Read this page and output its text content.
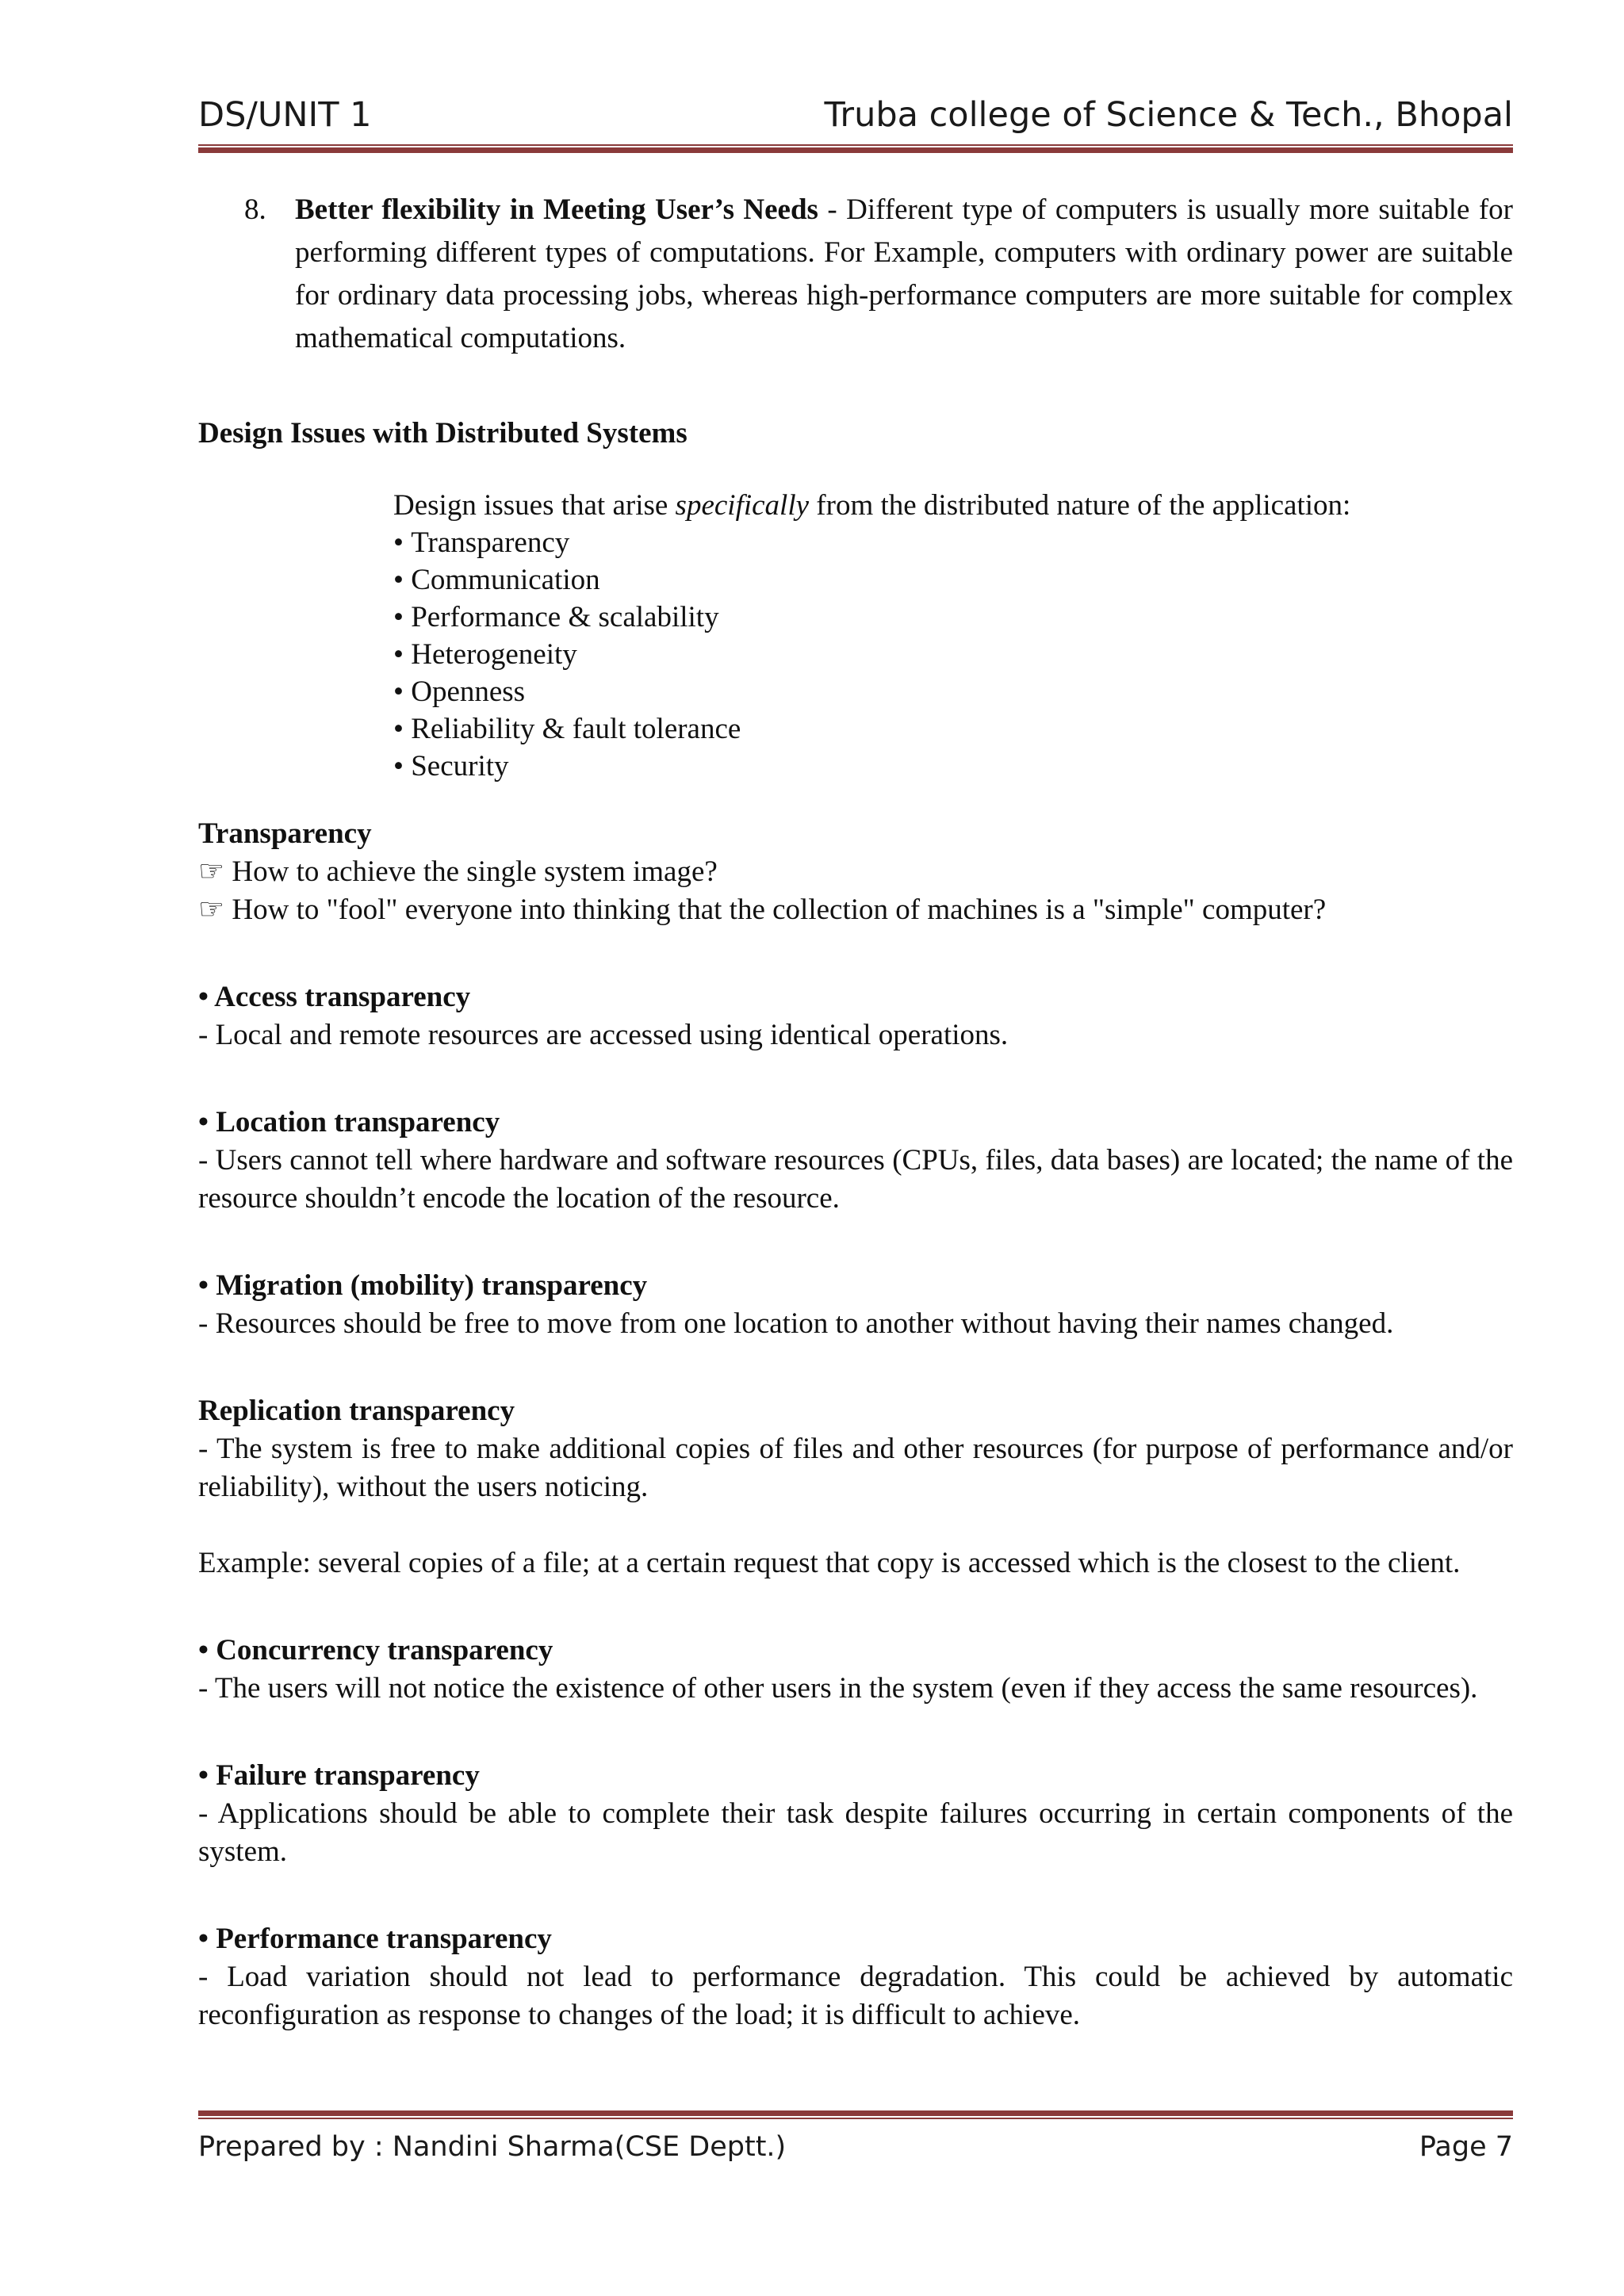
DS/UNIT 1	Truba college of Science & Tech., Bhopal
8. Better flexibility in Meeting User’s Needs - Different type of computers is usually more suitable for performing different types of computations. For Example, computers with ordinary power are suitable for ordinary data processing jobs, whereas high-performance computers are more suitable for complex mathematical computations.
Design Issues with Distributed Systems
Design issues that arise specifically from the distributed nature of the application:
• Transparency
• Communication
• Performance & scalability
• Heterogeneity
• Openness
• Reliability & fault tolerance
• Security
Transparency
☞ How to achieve the single system image?
☞ How to "fool" everyone into thinking that the collection of machines is a "simple" computer?
• Access transparency
- Local and remote resources are accessed using identical operations.
• Location transparency
- Users cannot tell where hardware and software resources (CPUs, files, data bases) are located; the name of the resource shouldn’t encode the location of the resource.
• Migration (mobility) transparency
- Resources should be free to move from one location to another without having their names changed.
Replication transparency
- The system is free to make additional copies of files and other resources (for purpose of performance and/or reliability), without the users noticing.
Example: several copies of a file; at a certain request that copy is accessed which is the closest to the client.
• Concurrency transparency
- The users will not notice the existence of other users in the system (even if they access the same resources).
• Failure transparency
- Applications should be able to complete their task despite failures occurring in certain components of the system.
• Performance transparency
- Load variation should not lead to performance degradation. This could be achieved by automatic reconfiguration as response to changes of the load; it is difficult to achieve.
Prepared by : Nandini Sharma(CSE Deptt.)	Page 7
